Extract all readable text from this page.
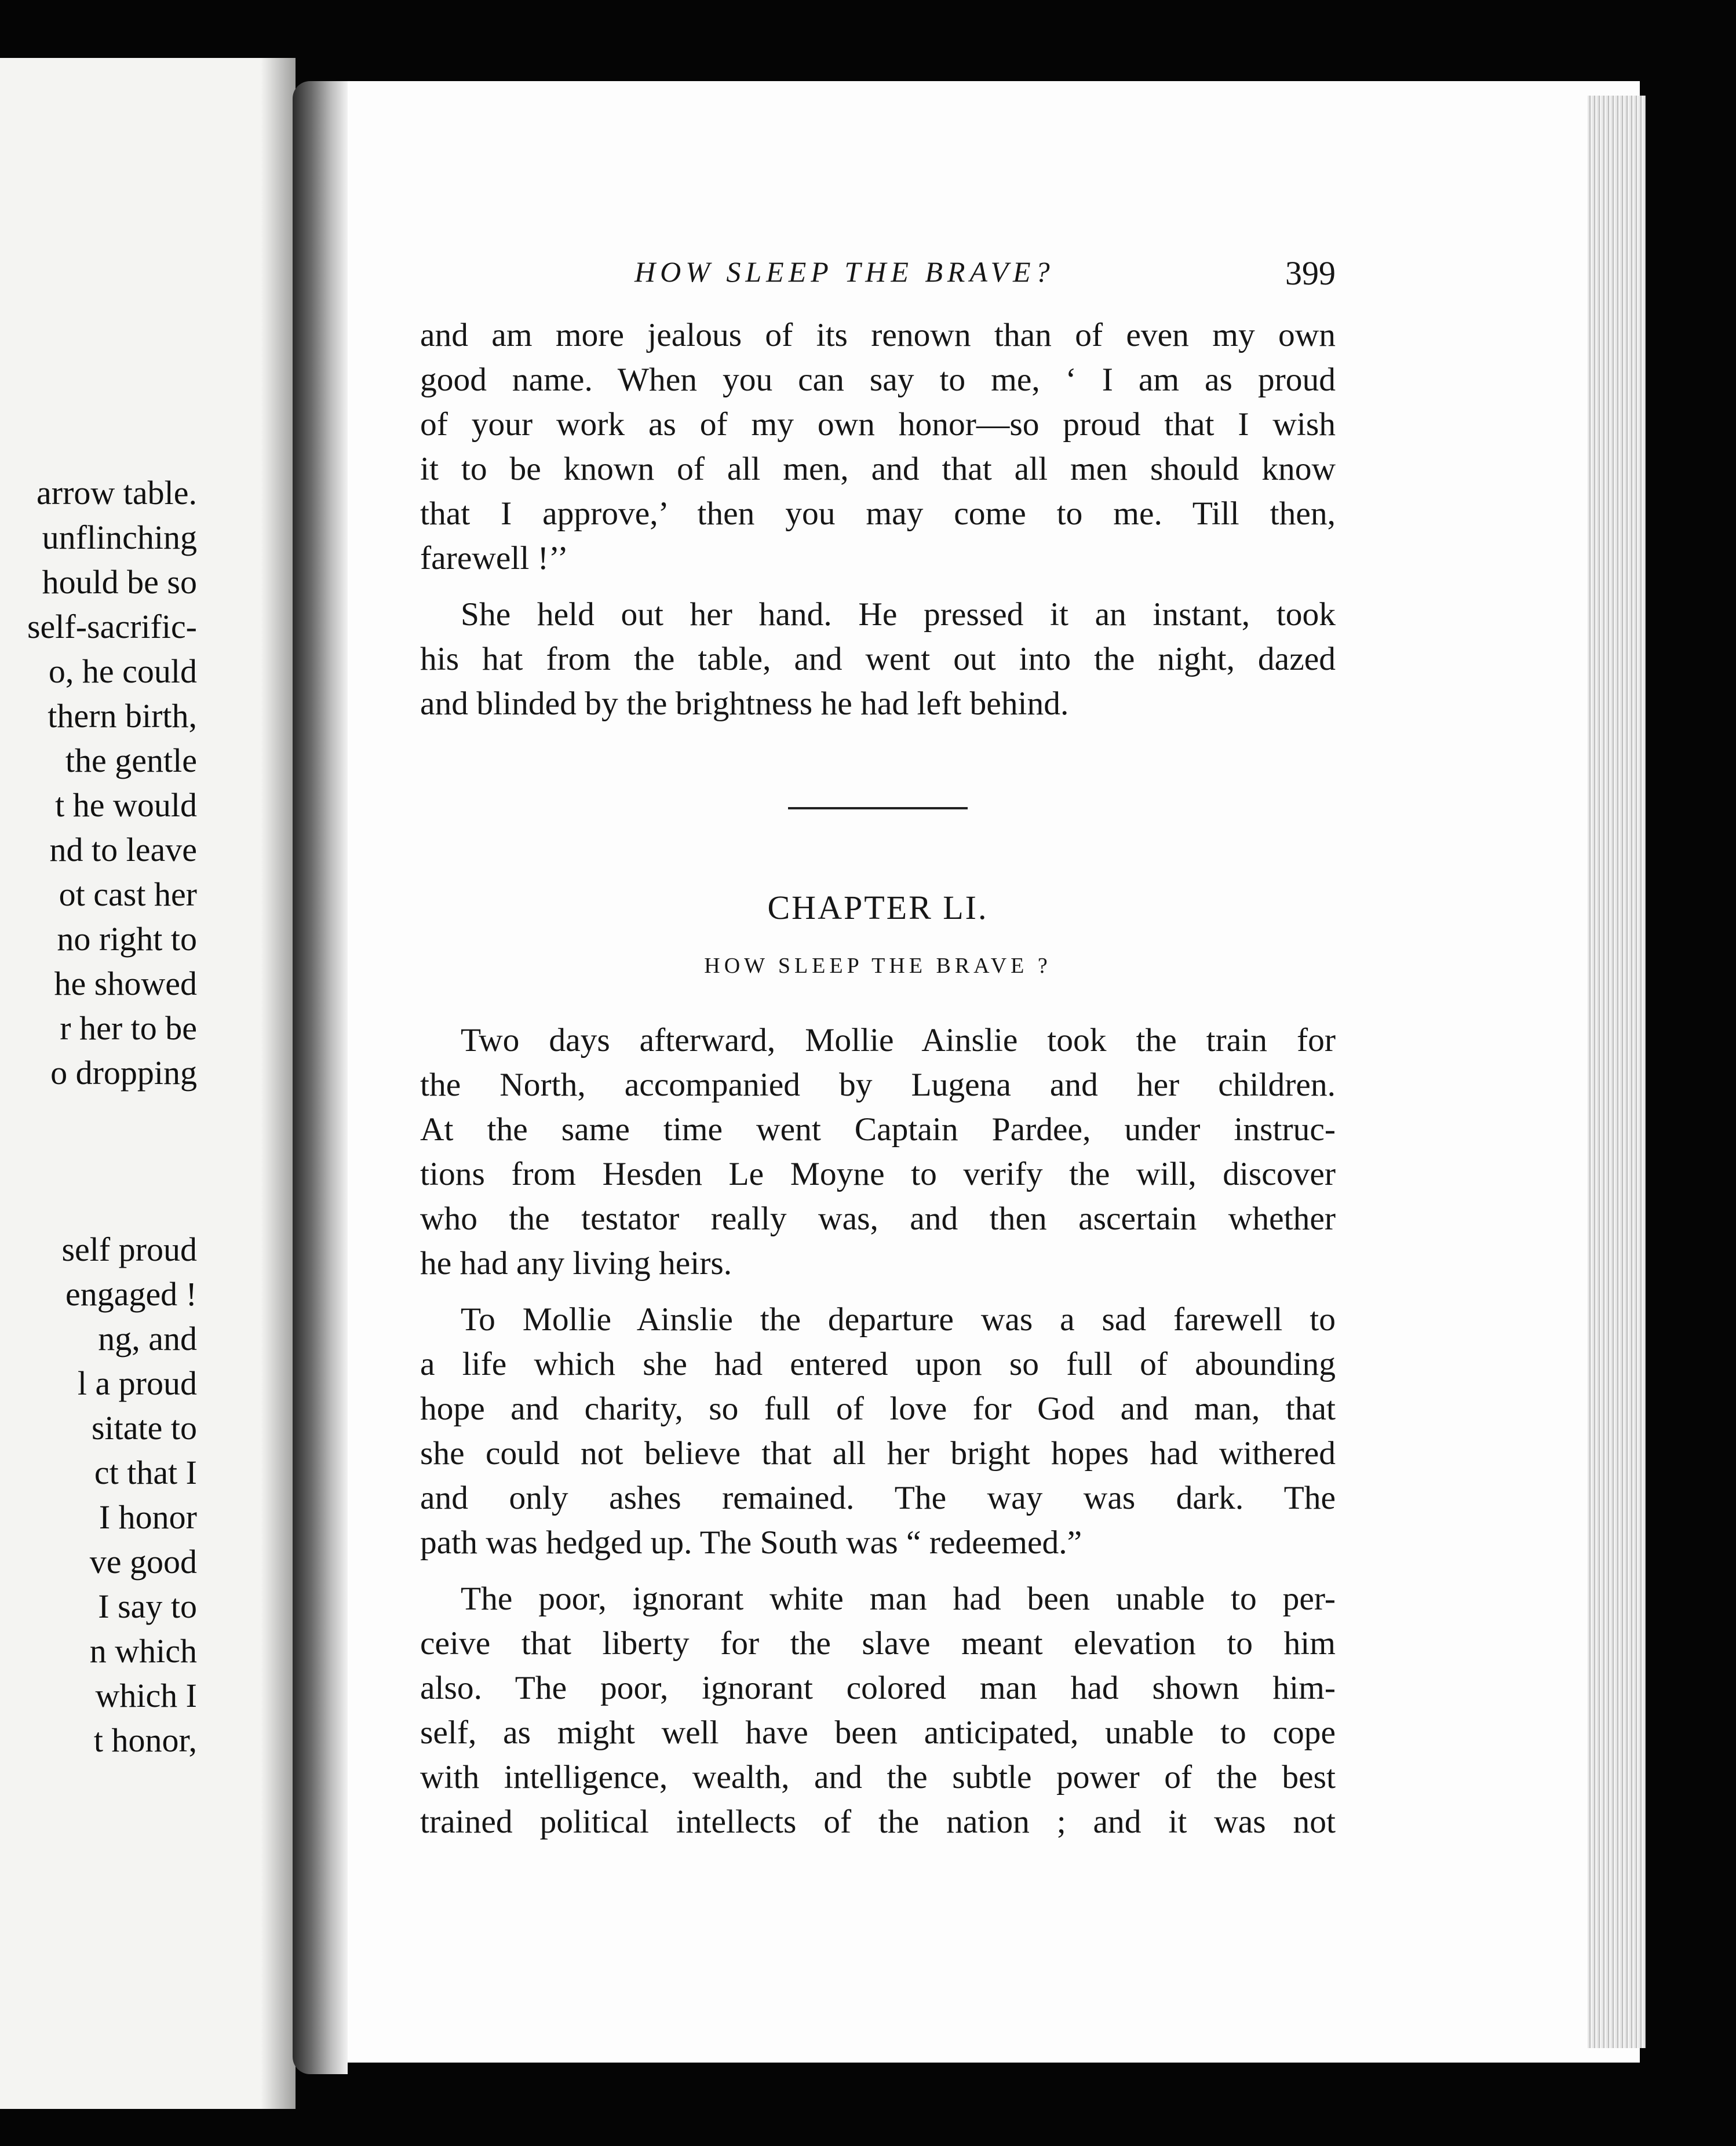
arrow table.

unflinching

hould be so

self-sacrific-

o, he could

thern birth,

the gentle

t he would

nd to leave

ot cast her

no right to

he showed

r her to be

o dropping

self proud

engaged !

ng, and

l a proud

sitate to

ct that I

I honor

ve good

I say to

n which

which I

t honor,

HOW SLEEP THE BRAVE?	399

and am more jealous of its renown than of even my own

good name. When you can say to me, ‘ I am as proud

of your work as of my own honor—so proud that I wish

it to be known of all men, and that all men should know

that I approve,’ then you may come to me. Till then,

farewell !’’

She held out her hand. He pressed it an instant, took

his hat from the table, and went out into the night, dazed

and blinded by the brightness he had left behind.

CHAPTER LI.
HOW SLEEP THE BRAVE ?

Two days afterward, Mollie Ainslie took the train for

the North, accompanied by Lugena and her children.

At the same time went Captain Pardee, under instruc-

tions from Hesden Le Moyne to verify the will, discover

who the testator really was, and then ascertain whether

he had any living heirs.

To Mollie Ainslie the departure was a sad farewell to

a life which she had entered upon so full of abounding

hope and charity, so full of love for God and man, that

she could not believe that all her bright hopes had withered

and only ashes remained. The way was dark. The

path was hedged up. The South was “ redeemed.”

The poor, ignorant white man had been unable to per-

ceive that liberty for the slave meant elevation to him

also. The poor, ignorant colored man had shown him-

self, as might well have been anticipated, unable to cope

with intelligence, wealth, and the subtle power of the best

trained political intellects of the nation ; and it was not
